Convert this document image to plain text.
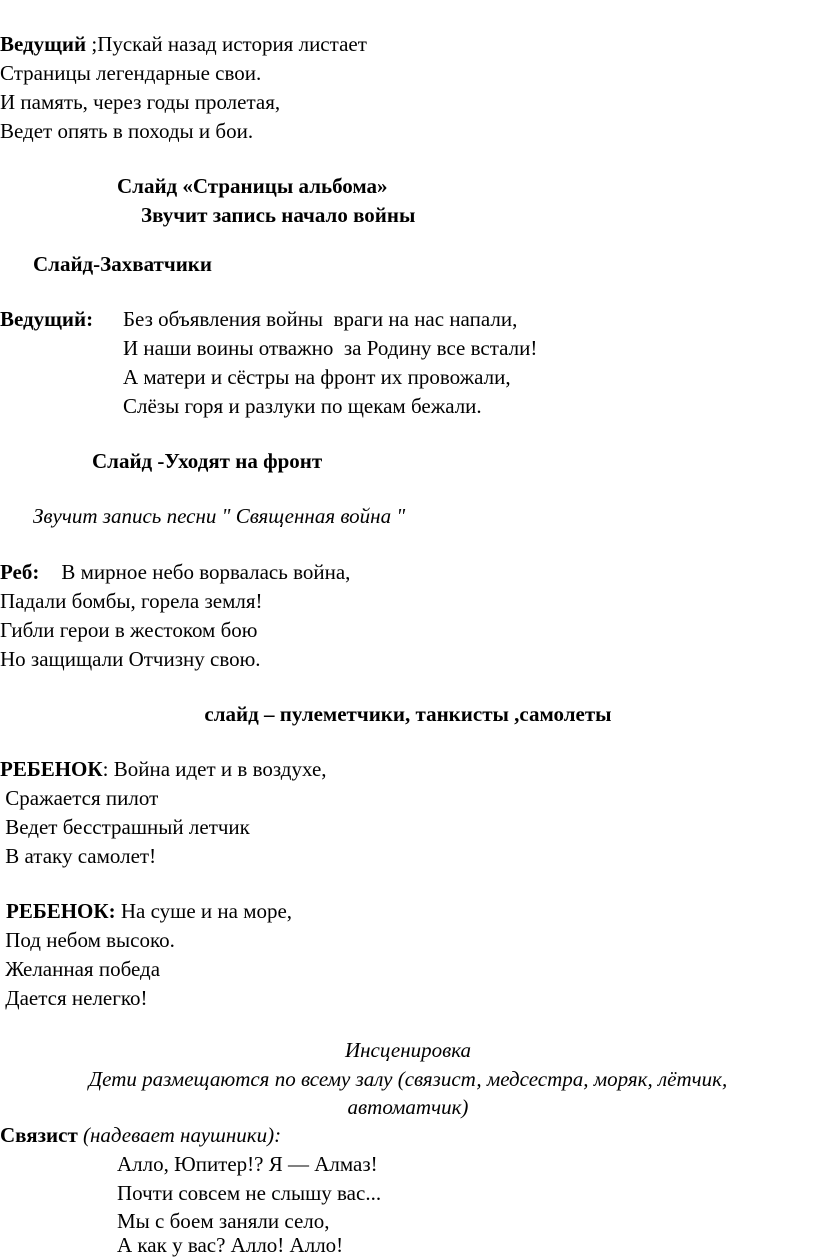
Ведущий ;Пускай назад история листает
Страницы легендарные свои.
И память, через годы пролетая,
Ведет опять в походы и бои.
Слайд «Страницы альбома»
Звучит запись начало войны
Слайд-Захватчики
Ведущий: Без объявления войны  враги на нас напали,
И наши воины отважно  за Родину все встали!
А матери и сёстры на фронт их провожали,
Слёзы горя и разлуки по щекам бежали.
Слайд -Уходят на фронт
Звучит запись песни " Священная война "
Реб: В мирное небо ворвалась война,
Падали бомбы, горела земля!
Гибли герои в жестоком бою
Но защищали Отчизну свою.
слайд – пулеметчики, танкисты ,самолеты
РЕБЕНОК: Война идет и в воздухе,
Сражается пилот
Ведет бесстрашный летчик
В атаку самолет!
РЕБЕНОК: На суше и на море,
Под небом высоко.
Желанная победа
Дается нелегко!
Инсценировка
Дети размещаются по всему залу (связист, медсестра, моряк, лётчик,
автоматчик)
Связист (надевает наушники):
Алло, Юпитер!? Я — Алмаз!
Почти совсем не слышу вас...
Мы с боем заняли село,
А как у вас? Алло! Алло!
